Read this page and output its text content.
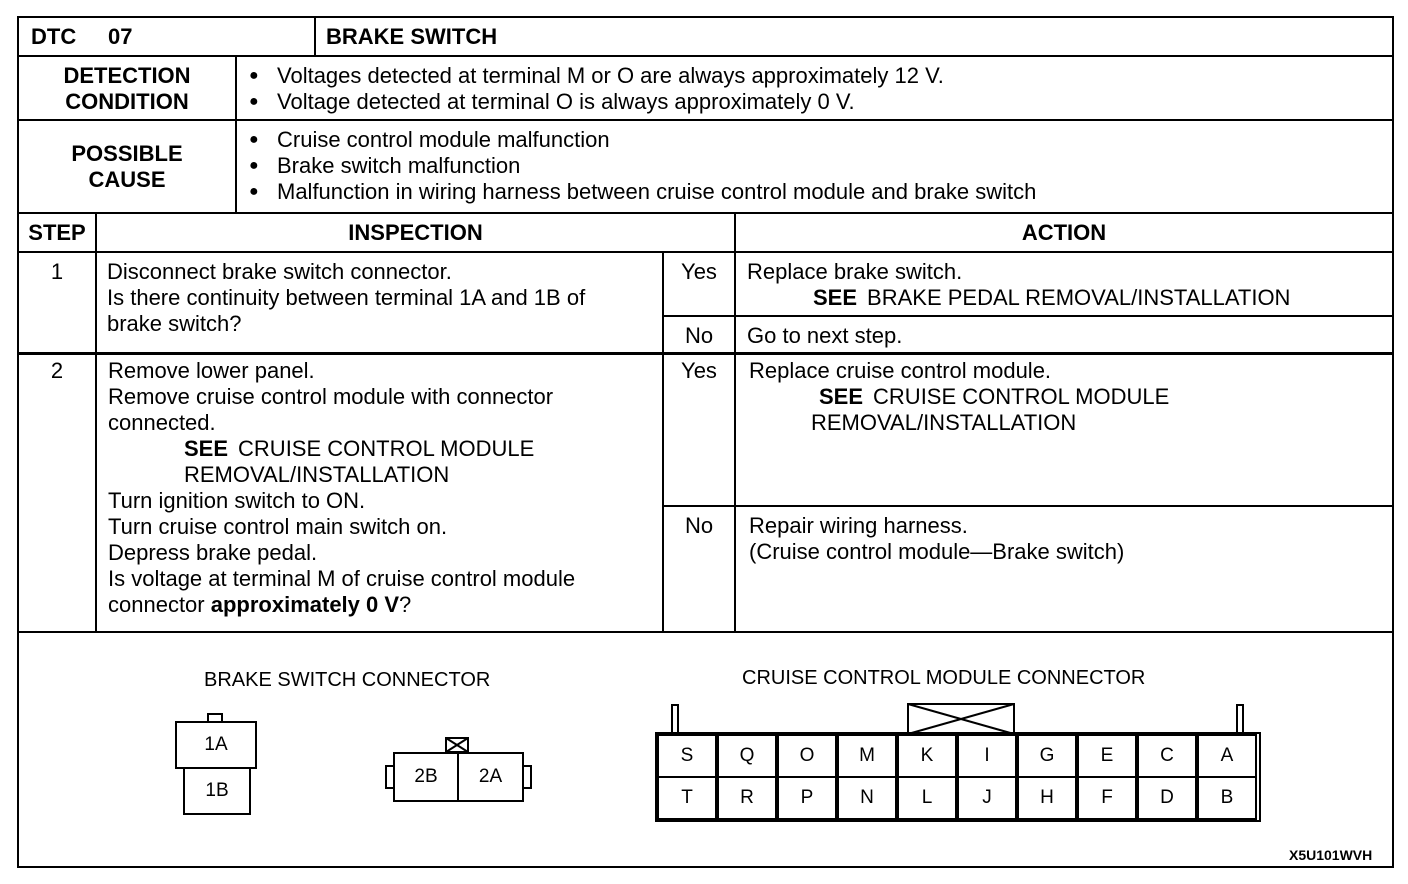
DTC 07	BRAKE SWITCH
DETECTION
CONDITION
● Voltages detected at terminal M or O are always approximately 12 V.
● Voltage detected at terminal O is always approximately 0 V.
POSSIBLE
CAUSE
● Cruise control module malfunction
● Brake switch malfunction
● Malfunction in wiring harness between cruise control module and brake switch
STEP	INSPECTION	ACTION
1	Disconnect brake switch connector.
Is there continuity between terminal 1A and 1B of
brake switch?
Yes	Replace brake switch.
SEE BRAKE PEDAL REMOVAL/INSTALLATION
No	Go to next step.
2	Remove lower panel.
Remove cruise control module with connector
connected.
SEE CRUISE CONTROL MODULE
REMOVAL/INSTALLATION
Turn ignition switch to ON.
Turn cruise control main switch on.
Depress brake pedal.
Is voltage at terminal M of cruise control module
connector approximately 0 V?
Yes	Replace cruise control module.
SEE CRUISE CONTROL MODULE
REMOVAL/INSTALLATION
No	Repair wiring harness.
(Cruise control module—Brake switch)
BRAKE SWITCH CONNECTOR
1A
1B
2B	2A
CRUISE CONTROL MODULE CONNECTOR
X5U101WVH
S	Q	O	M	K	I	G	E	C	A
T	R	P	N	L	J	H	F	D	B
